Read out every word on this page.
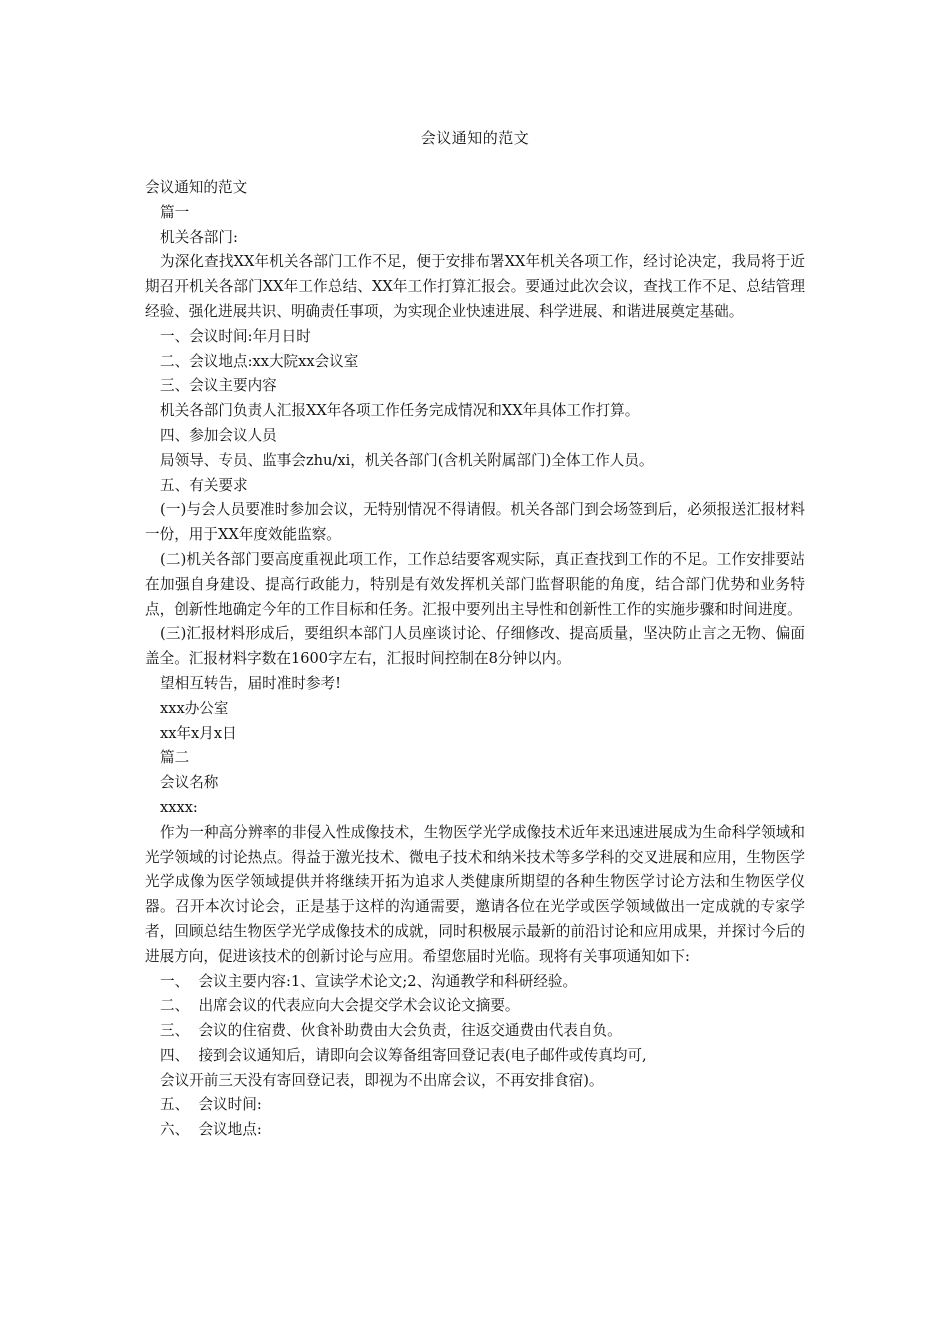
会议通知的范文

会议通知的范文

篇一

机关各部门:

为深化查找XX年机关各部门工作不足，便于安排布署XX年机关各项工作，经讨论决定，我局将于近期召开机关各部门XX年工作总结、XX年工作打算汇报会。要通过此次会议，查找工作不足、总结管理经验、强化进展共识、明确责任事项，为实现企业快速进展、科学进展、和谐进展奠定基础。

一、会议时间:年月日时

二、会议地点:xx大院xx会议室

三、会议主要内容

机关各部门负责人汇报XX年各项工作任务完成情况和XX年具体工作打算。

四、参加会议人员

局领导、专员、监事会zhu/xi，机关各部门(含机关附属部门)全体工作人员。

五、有关要求

(一)与会人员要准时参加会议，无特别情况不得请假。机关各部门到会场签到后，必须报送汇报材料一份，用于XX年度效能监察。

(二)机关各部门要高度重视此项工作，工作总结要客观实际，真正查找到工作的不足。工作安排要站在加强自身建设、提高行政能力，特别是有效发挥机关部门监督职能的角度，结合部门优势和业务特点，创新性地确定今年的工作目标和任务。汇报中要列出主导性和创新性工作的实施步骤和时间进度。

(三)汇报材料形成后，要组织本部门人员座谈讨论、仔细修改、提高质量，坚决防止言之无物、偏面盖全。汇报材料字数在1600字左右，汇报时间控制在8分钟以内。

望相互转告，届时准时参考!

xxx办公室

xx年x月x日

篇二

会议名称

xxxx:

作为一种高分辨率的非侵入性成像技术，生物医学光学成像技术近年来迅速进展成为生命科学领域和光学领域的讨论热点。得益于激光技术、微电子技术和纳米技术等多学科的交叉进展和应用，生物医学光学成像为医学领域提供并将继续开拓为追求人类健康所期望的各种生物医学讨论方法和生物医学仪器。召开本次讨论会，正是基于这样的沟通需要，邀请各位在光学或医学领域做出一定成就的专家学者，回顾总结生物医学光学成像技术的成就，同时积极展示最新的前沿讨论和应用成果，并探讨今后的进展方向，促进该技术的创新讨论与应用。希望您届时光临。现将有关事项通知如下:

一、  会议主要内容:1、宣读学术论文;2、沟通教学和科研经验。

二、  出席会议的代表应向大会提交学术会议论文摘要。

三、  会议的住宿费、伙食补助费由大会负责，往返交通费由代表自负。

四、  接到会议通知后，请即向会议筹备组寄回登记表(电子邮件或传真均可,

会议开前三天没有寄回登记表，即视为不出席会议，不再安排食宿)。

五、  会议时间:

六、  会议地点:
